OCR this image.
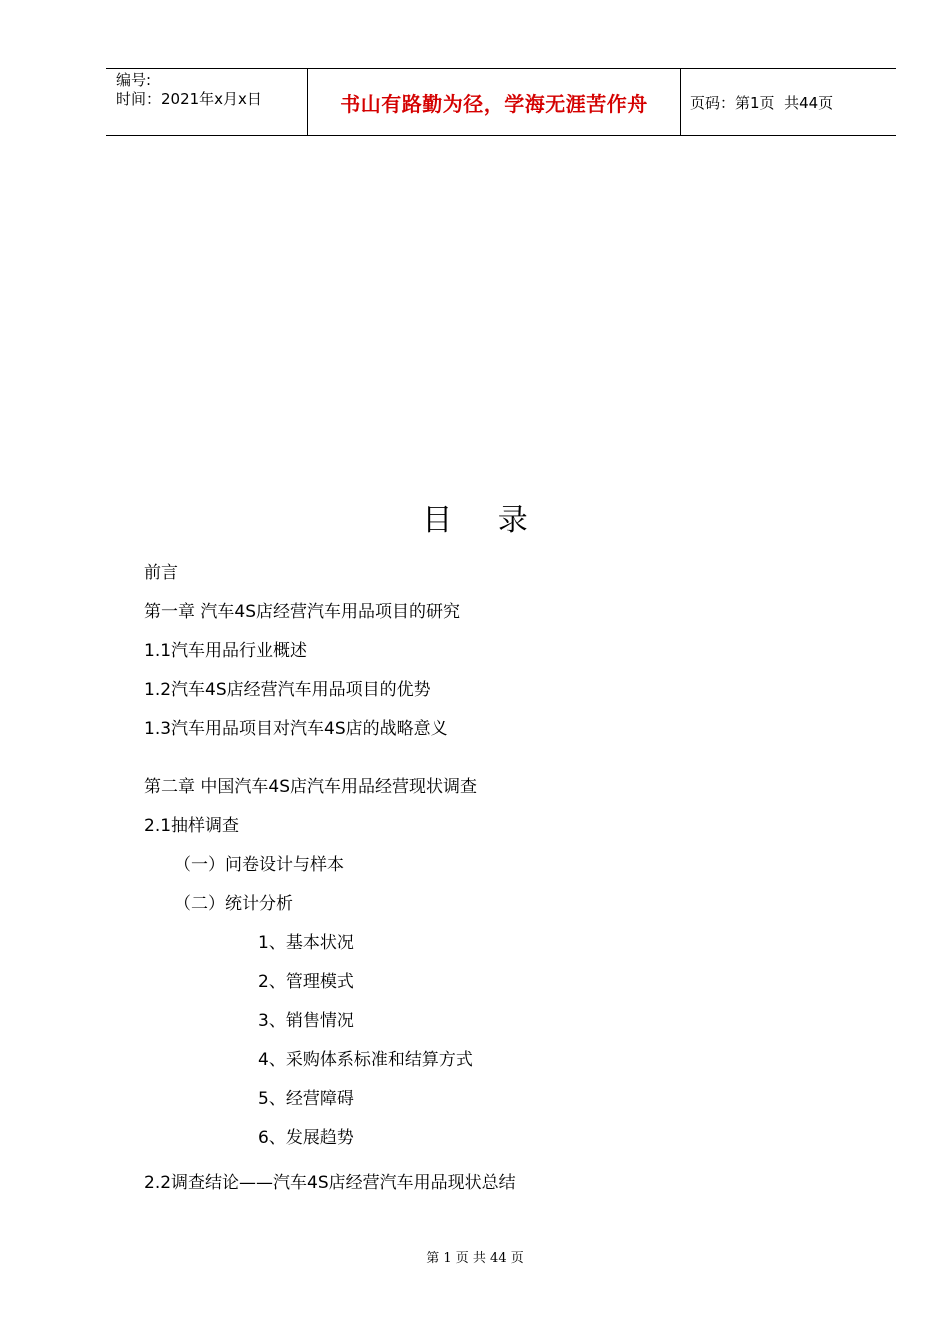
编号:
时间：2021年x月x日	书山有路勤为径，学海无涯苦作舟	页码：第1页  共44页
目 录
前言
第一章 汽车4S店经营汽车用品项目的研究
1.1汽车用品行业概述
1.2汽车4S店经营汽车用品项目的优势
1.3汽车用品项目对汽车4S店的战略意义
第二章 中国汽车4S店汽车用品经营现状调查
2.1抽样调查
（一）问卷设计与样本
（二）统计分析
1、基本状况
2、管理模式
3、销售情况
4、采购体系标准和结算方式
5、经营障碍
6、发展趋势
2.2调查结论——汽车4S店经营汽车用品现状总结
第 1 页 共 44 页
